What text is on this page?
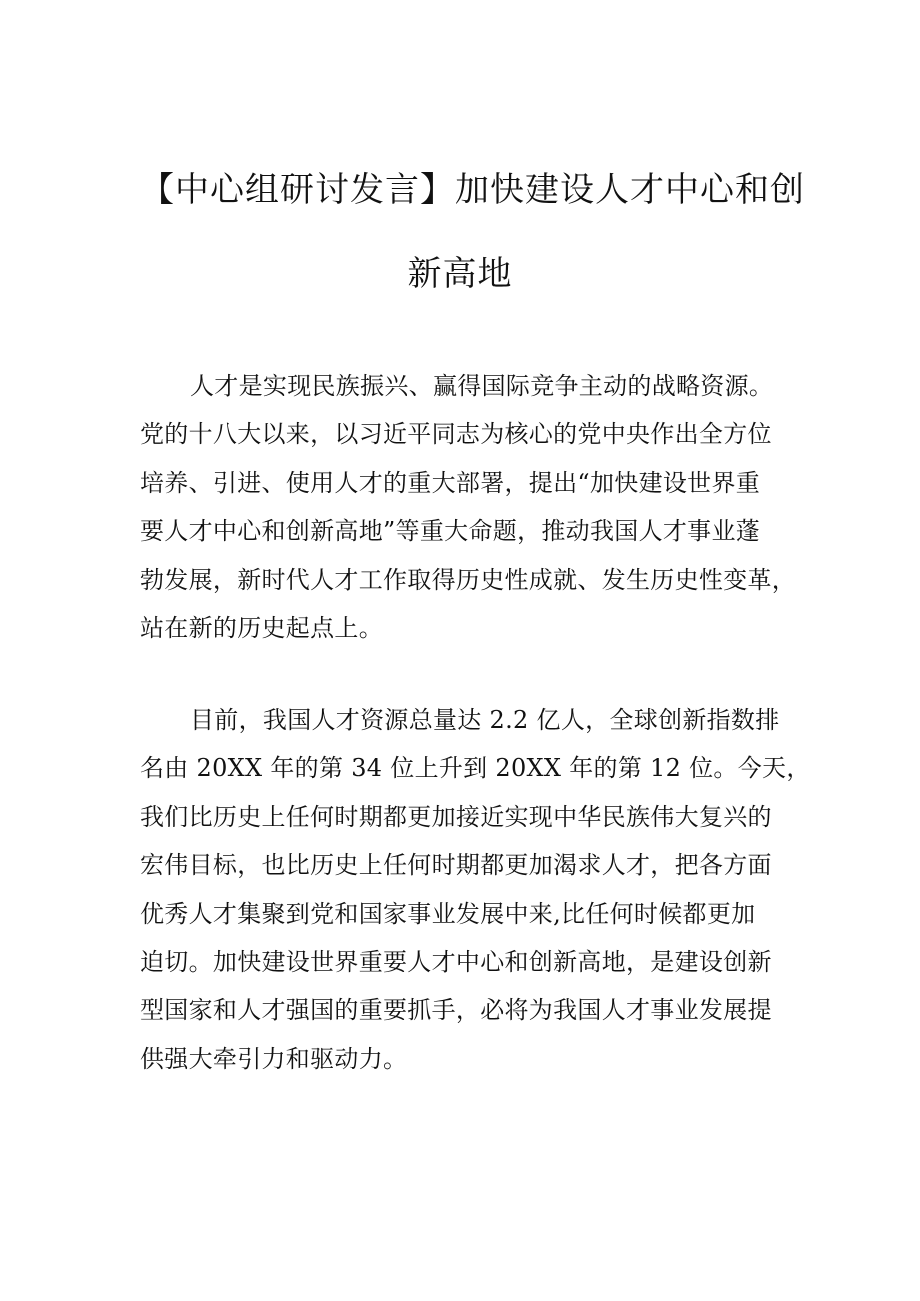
【中心组研讨发言】加快建设人才中心和创
新高地

人才是实现民族振兴、赢得国际竞争主动的战略资源。
党的十八大以来，以习近平同志为核心的党中央作出全方位
培养、引进、使用人才的重大部署，提出“加快建设世界重
要人才中心和创新高地”等重大命题，推动我国人才事业蓬
勃发展，新时代人才工作取得历史性成就、发生历史性变革，
站在新的历史起点上。

目前，我国人才资源总量达 2.2 亿人，全球创新指数排
名由 20XX 年的第 34 位上升到 20XX 年的第 12 位。今天，
我们比历史上任何时期都更加接近实现中华民族伟大复兴的
宏伟目标，也比历史上任何时期都更加渴求人才，把各方面
优秀人才集聚到党和国家事业发展中来,比任何时候都更加
迫切。加快建设世界重要人才中心和创新高地，是建设创新
型国家和人才强国的重要抓手，必将为我国人才事业发展提
供强大牵引力和驱动力。
